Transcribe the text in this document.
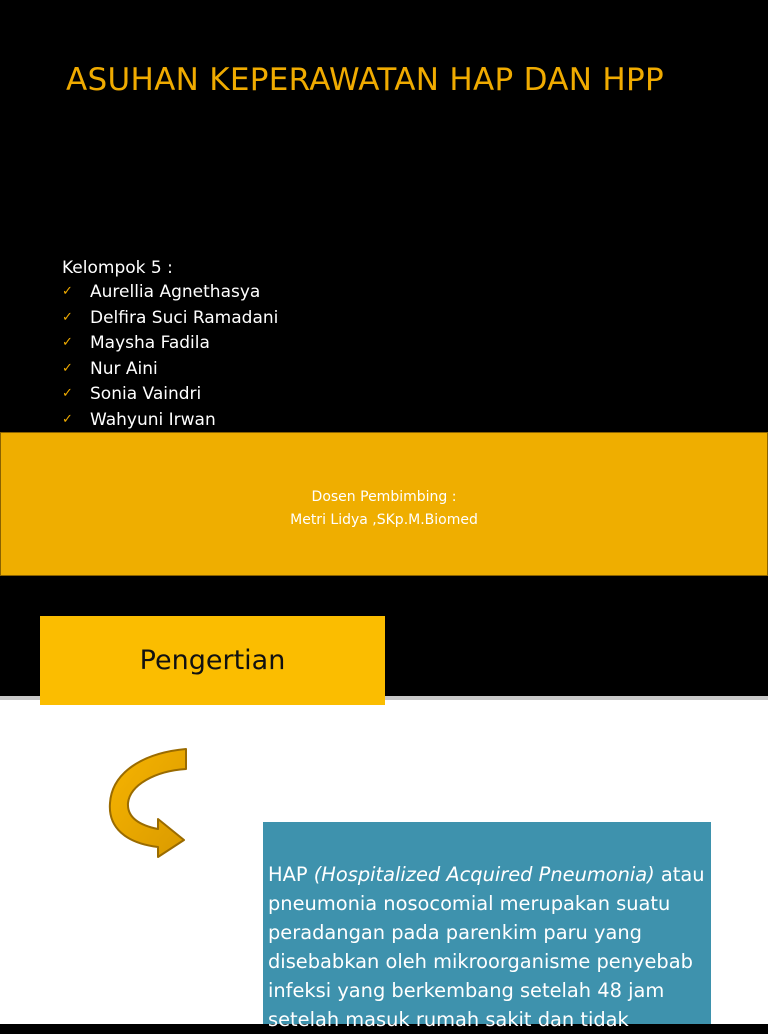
ASUHAN KEPERAWATAN HAP DAN HPP
Kelompok 5 :
✓ Aurellia Agnethasya
✓ Delfira Suci Ramadani
✓ Maysha Fadila
✓ Nur Aini
✓ Sonia Vaindri
✓ Wahyuni Irwan
Dosen Pembimbing :
Metri Lidya ,SKp.M.Biomed
Pengertian
HAP (Hospitalized Acquired Pneumonia) atau pneumonia nosocomial merupakan suatu peradangan pada parenkim paru yang disebabkan oleh mikroorganisme penyebab infeksi yang berkembang setelah 48 jam setelah masuk rumah sakit dan tidak
